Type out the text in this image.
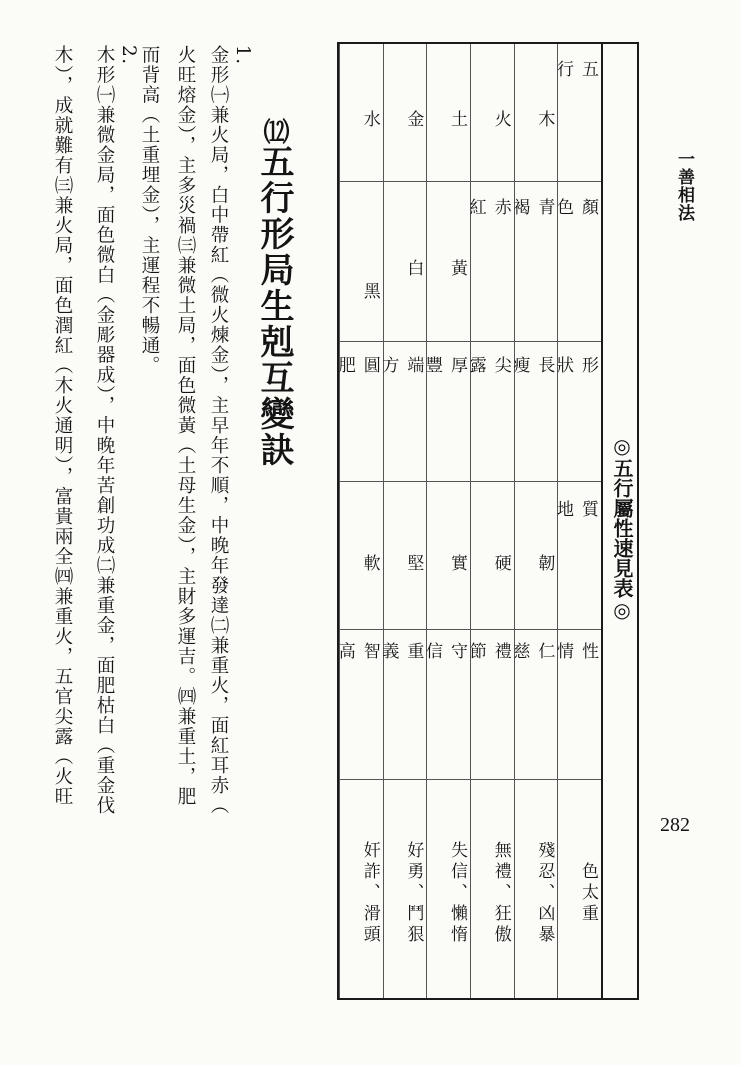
一善相法
282
◎五行屬性速見表◎
五行
顏色
形狀
質地
性情
色太重
木
青褐
長瘦
韌
仁慈
殘忍、凶暴
火
赤紅
尖露
硬
禮節
無禮、狂傲
土
黃
厚豐
實
守信
失信、懶惰
金
白
端方
堅
重義
好勇、鬥狠
水
黑
圓肥
軟
智高
奸詐、滑頭
⑿五行形局生剋互變訣
1.
金形㈠兼火局，白中帶紅（微火煉金），主早年不順，中晚年發達㈡兼重火，面紅耳赤（
火旺熔金），主多災禍㈢兼微土局，面色微黃（土母生金），主財多運吉。㈣兼重土，肥
而背高（土重埋金），主運程不暢通。
2.
木形㈠兼微金局，面色微白（金彫器成），中晚年苦創功成㈡兼重金，面肥枯白（重金伐
木），成就難有㈢兼火局，面色潤紅（木火通明），富貴兩全㈣兼重火，五官尖露（火旺
